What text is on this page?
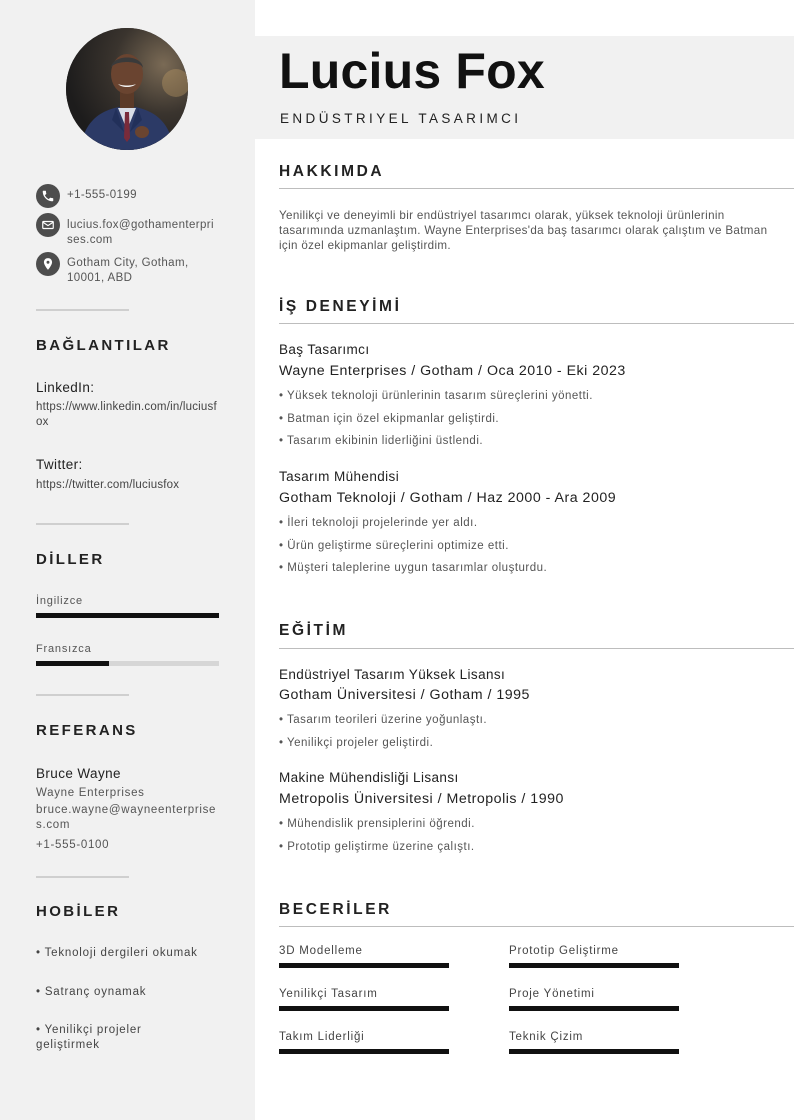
+1-555-0199
lucius.fox@gothamenterprises.com
Gotham City, Gotham, 10001, ABD
BAĞLANTILAR
LinkedIn:
https://www.linkedin.com/in/luciusfox
Twitter:
https://twitter.com/luciusfox
DİLLER
İngilizce
Fransızca
REFERANS
Bruce Wayne
Wayne Enterprises
bruce.wayne@wayneenterprises.com
+1-555-0100
HOBİLER
• Teknoloji dergileri okumak
• Satranç oynamak
• Yenilikçi projeler geliştirmek
Lucius Fox
ENDÜSTRIYEL TASARIMCI
HAKKIMDA
Yenilikçi ve deneyimli bir endüstriyel tasarımcı olarak, yüksek teknoloji ürünlerinin tasarımında uzmanlaştım. Wayne Enterprises'da baş tasarımcı olarak çalıştım ve Batman için özel ekipmanlar geliştirdim.
İŞ DENEYİMİ
Baş Tasarımcı
Wayne Enterprises / Gotham / Oca 2010 - Eki 2023
• Yüksek teknoloji ürünlerinin tasarım süreçlerini yönetti.
• Batman için özel ekipmanlar geliştirdi.
• Tasarım ekibinin liderliğini üstlendi.
Tasarım Mühendisi
Gotham Teknoloji / Gotham / Haz 2000 - Ara 2009
• İleri teknoloji projelerinde yer aldı.
• Ürün geliştirme süreçlerini optimize etti.
• Müşteri taleplerine uygun tasarımlar oluşturdu.
EĞİTİM
Endüstriyel Tasarım Yüksek Lisansı
Gotham Üniversitesi / Gotham / 1995
• Tasarım teorileri üzerine yoğunlaştı.
• Yenilikçi projeler geliştirdi.
Makine Mühendisliği Lisansı
Metropolis Üniversitesi / Metropolis / 1990
• Mühendislik prensiplerini öğrendi.
• Prototip geliştirme üzerine çalıştı.
BECERİLER
3D Modelleme	Prototip Geliştirme
Yenilikçi Tasarım	Proje Yönetimi
Takım Liderliği	Teknik Çizim
